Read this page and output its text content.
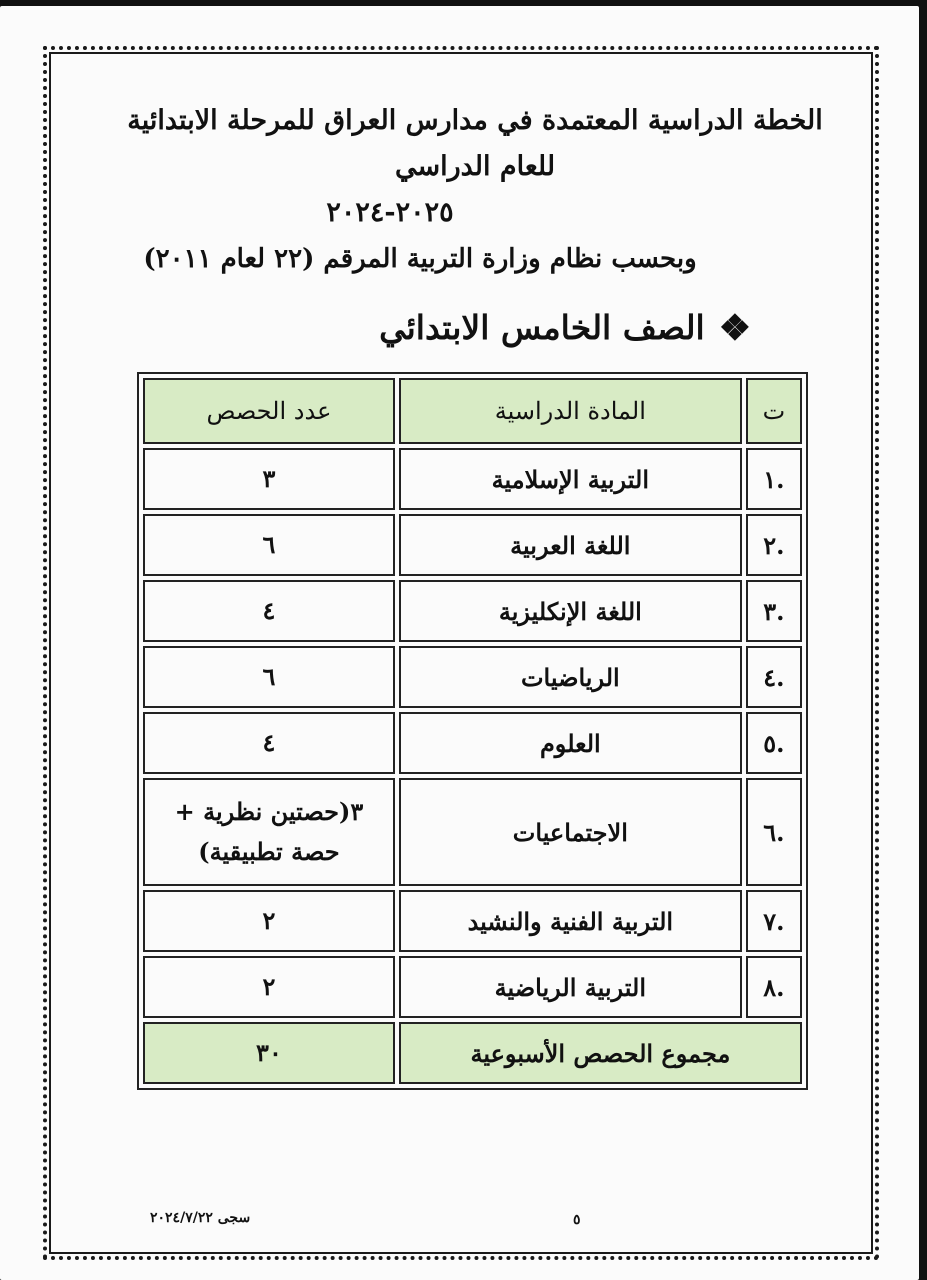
الخطة الدراسية المعتمدة في مدارس العراق للمرحلة الابتدائية للعام الدراسي
٢٠٢٥-٢٠٢٤
وبحسب نظام وزارة التربية المرقم (٢٢ لعام ٢٠١١)
❖
الصف الخامس الابتدائي
ت	المادة الدراسية	عدد الحصص
.١	التربية الإسلامية	٣
.٢	اللغة العربية	٦
.٣	اللغة الإنكليزية	٤
.٤	الرياضيات	٦
.٥	العلوم	٤
.٦	الاجتماعيات	٣(حصتين نظرية + حصة تطبيقية)
.٧	التربية الفنية والنشيد	٢
.٨	التربية الرياضية	٢
مجموع الحصص الأسبوعية		٣٠
سجى ٢٠٢٤/٧/٢٢	٥
